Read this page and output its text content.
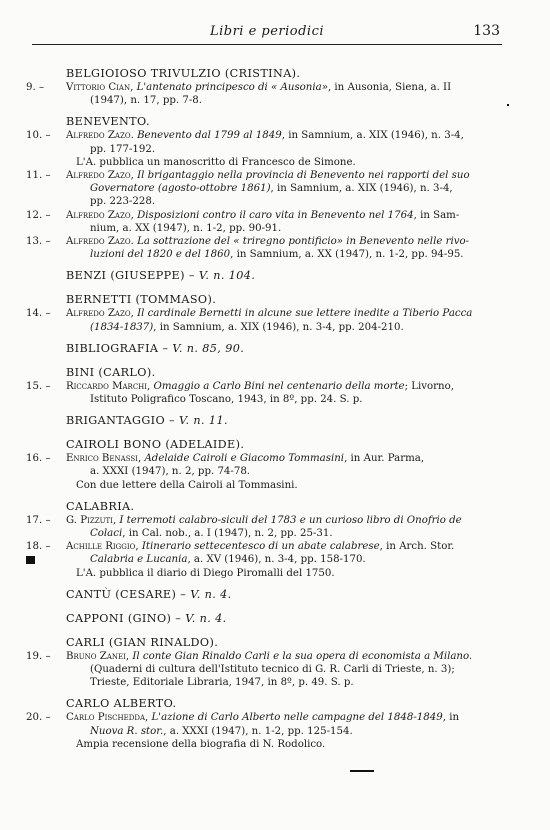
Libri e periodici	133
BELGIOIOSO TRIVULZIO (CRISTINA).
9. –	Vittorio Cian, L'antenato principesco di « Ausonia», in Ausonia, Siena, a. II
(1947), n. 17, pp. 7-8.
BENEVENTO.
10. –	Alfredo Zazo. Benevento dal 1799 al 1849, in Samnium, a. XIX (1946), n. 3-4,
pp. 177-192.
L'A. pubblica un manoscritto di Francesco de Simone.
11. –	Alfredo Zazo, Il brigantaggio nella provincia di Benevento nei rapporti del suo
Governatore (agosto-ottobre 1861), in Samnium, a. XIX (1946), n. 3-4,
pp. 223-228.
12. –	Alfredo Zazo, Disposizioni contro il caro vita in Benevento nel 1764, in Sam-
nium, a. XX (1947), n. 1-2, pp. 90-91.
13. –	Alfredo Zazo. La sottrazione del « triregno pontificio» in Benevento nelle rivo-
luzioni del 1820 e del 1860, in Samnium, a. XX (1947), n. 1-2, pp. 94-95.
BENZI (GIUSEPPE) – V. n. 104.
BERNETTI (TOMMASO).
14. –	Alfredo Zazo, Il cardinale Bernetti in alcune sue lettere inedite a Tiberio Pacca
(1834-1837), in Samnium, a. XIX (1946), n. 3-4, pp. 204-210.
BIBLIOGRAFIA – V. n. 85, 90.
BINI (CARLO).
15. –	Riccardo Marchi, Omaggio a Carlo Bini nel centenario della morte; Livorno,
Istituto Poligrafico Toscano, 1943, in 8º, pp. 24. S. p.
BRIGANTAGGIO – V. n. 11.
CAIROLI BONO (ADELAIDE).
16. –	Enrico Benassi, Adelaide Cairoli e Giacomo Tommasini, in Aur. Parma,
a. XXXI (1947), n. 2, pp. 74-78.
Con due lettere della Cairoli al Tommasini.
CALABRIA.
17. –	G. Pizzuti, I terremoti calabro-siculi del 1783 e un curioso libro di Onofrio de
Colaci, in Cal. nob., a. I (1947), n. 2, pp. 25-31.
18. –	Achille Riggio, Itinerario settecentesco di un abate calabrese, in Arch. Stor.
Calabria e Lucania, a. XV (1946), n. 3-4, pp. 158-170.
L'A. pubblica il diario di Diego Piromalli del 1750.
CANTÙ (CESARE) – V. n. 4.
CAPPONI (GINO) – V. n. 4.
CARLI (GIAN RINALDO).
19. –	Bruno Zanei, Il conte Gian Rinaldo Carli e la sua opera di economista a Milano.
(Quaderni di cultura dell'Istituto tecnico di G. R. Carli di Trieste, n. 3);
Trieste, Editoriale Libraria, 1947, in 8º, p. 49. S. p.
CARLO ALBERTO.
20. –	Carlo Pischedda, L'azione di Carlo Alberto nelle campagne del 1848-1849, in
Nuova R. stor., a. XXXI (1947), n. 1-2, pp. 125-154.
Ampia recensione della biografia di N. Rodolico.
